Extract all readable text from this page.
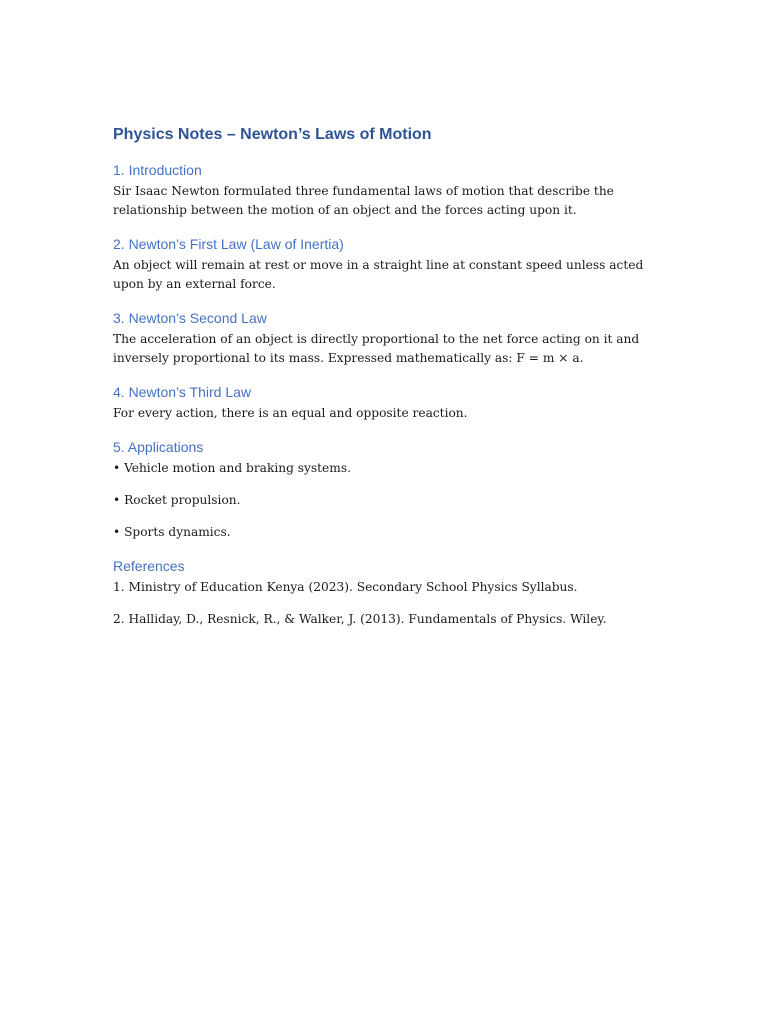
Physics Notes – Newton’s Laws of Motion
1. Introduction

Sir Isaac Newton formulated three fundamental laws of motion that describe the relationship between the motion of an object and the forces acting upon it.

2. Newton’s First Law (Law of Inertia)

An object will remain at rest or move in a straight line at constant speed unless acted upon by an external force.

3. Newton’s Second Law

The acceleration of an object is directly proportional to the net force acting on it and inversely proportional to its mass. Expressed mathematically as: F = m × a.

4. Newton’s Third Law

For every action, there is an equal and opposite reaction.

5. Applications

• Vehicle motion and braking systems.

• Rocket propulsion.

• Sports dynamics.

References

1. Ministry of Education Kenya (2023). Secondary School Physics Syllabus.

2. Halliday, D., Resnick, R., & Walker, J. (2013). Fundamentals of Physics. Wiley.
